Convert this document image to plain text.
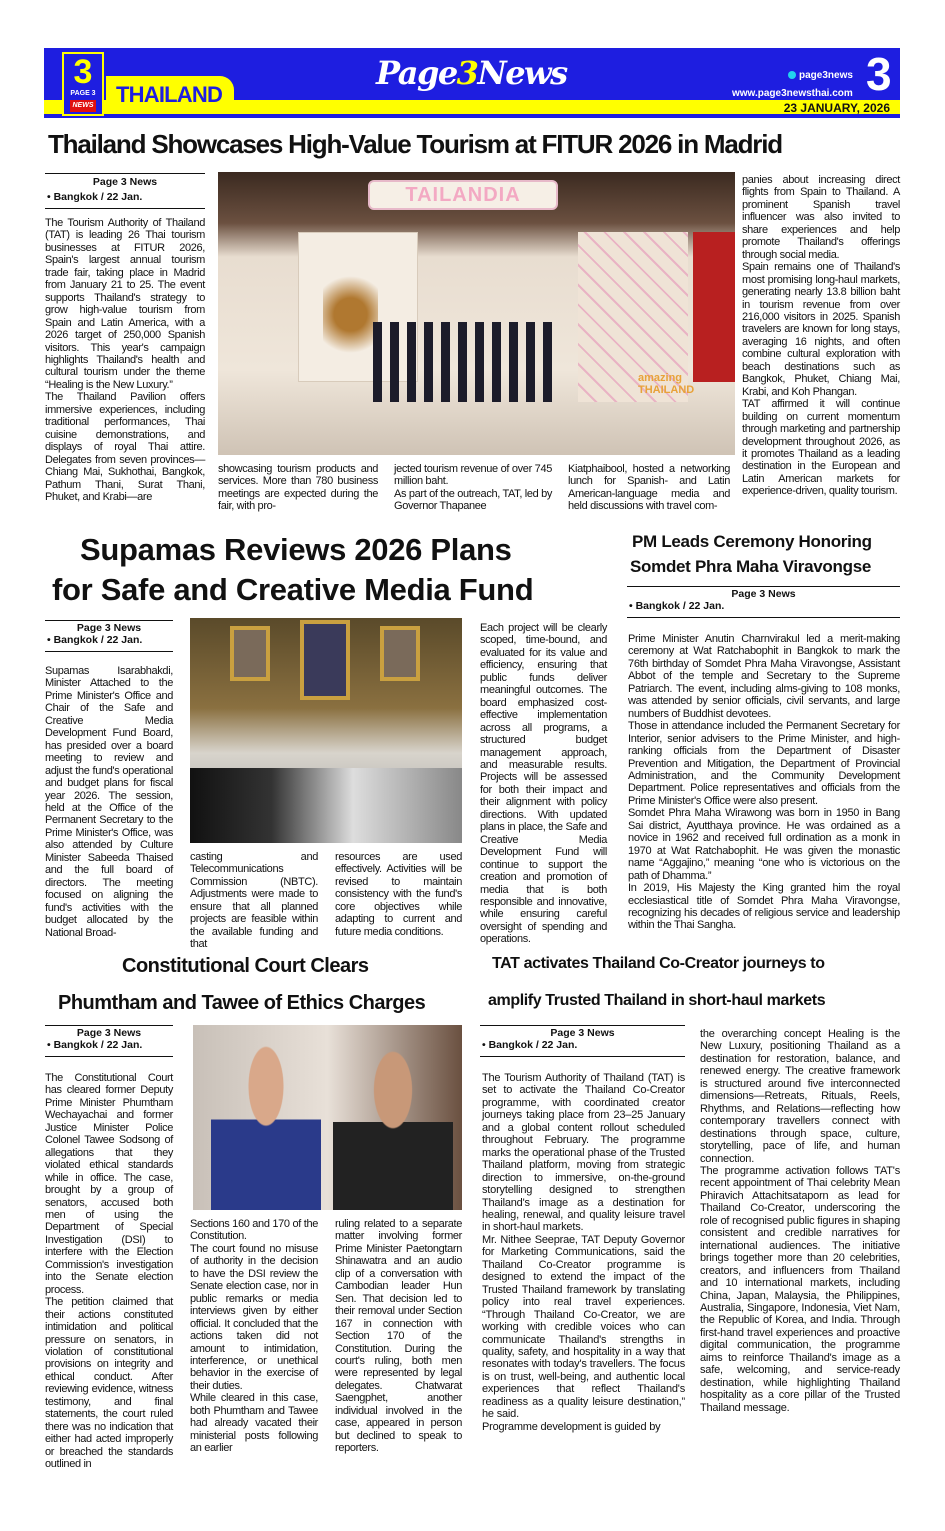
THAILAND
3
PAGE 3
NEWS
Page3News	page3news
www.page3newsthai.com 3
23 JANUARY, 2026
Thailand Showcases High-Value Tourism at FITUR 2026 in Madrid
Page 3 News
• Bangkok / 22 Jan.

The Tourism Authority of Thailand (TAT) is leading 26 Thai tourism businesses at FITUR 2026, Spain's largest annual tourism trade fair, taking place in Madrid from January 21 to 25. The event supports Thailand's strategy to grow high-value tourism from Spain and Latin America, with a 2026 target of 250,000 Spanish visitors. This year's campaign highlights Thailand's health and cultural tourism under the theme “Healing is the New Luxury.”

The Thailand Pavilion offers immersive experiences, including traditional performances, Thai cuisine demonstrations, and displays of royal Thai attire. Delegates from seven provinces—Chiang Mai, Sukhothai, Bangkok, Pathum Thani, Surat Thani, Phuket, and Krabi—are

TAILANDIA
amazing THAILAND

showcasing tourism products and services. More than 780 business meetings are expected during the fair, with pro-

jected tourism revenue of over 745 million baht.

As part of the outreach, TAT, led by Governor Thapanee

Kiatphaibool, hosted a networking lunch for Spanish- and Latin American-language media and held discussions with travel com-

panies about increasing direct flights from Spain to Thailand. A prominent Spanish travel influencer was also invited to share experiences and help promote Thailand's offerings through social media.

Spain remains one of Thailand's most promising long-haul markets, generating nearly 13.8 billion baht in tourism revenue from over 216,000 visitors in 2025. Spanish travelers are known for long stays, averaging 16 nights, and often combine cultural exploration with beach destinations such as Bangkok, Phuket, Chiang Mai, Krabi, and Koh Phangan.

TAT affirmed it will continue building on current momentum through marketing and partnership development throughout 2026, as it promotes Thailand as a leading destination in the European and Latin American markets for experience-driven, quality tourism.

Supamas Reviews 2026 Plans
for Safe and Creative Media Fund
Page 3 News
• Bangkok / 22 Jan.

Supamas Isarabhakdi, Minister Attached to the Prime Minister's Office and Chair of the Safe and Creative Media Development Fund Board, has presided over a board meeting to review and adjust the fund's operational and budget plans for fiscal year 2026. The session, held at the Office of the Permanent Secretary to the Prime Minister's Office, was also attended by Culture Minister Sabeeda Thaised and the full board of directors. The meeting focused on aligning the fund's activities with the budget allocated by the National Broad-

casting and Telecommunications Commission (NBTC). Adjustments were made to ensure that all planned projects are feasible within the available funding and that

resources are used effectively. Activities will be revised to maintain consistency with the fund's core objectives while adapting to current and future media conditions.

Each project will be clearly scoped, time-bound, and evaluated for its value and efficiency, ensuring that public funds deliver meaningful outcomes. The board emphasized cost-effective implementation across all programs, a structured budget management approach, and measurable results. Projects will be assessed for both their impact and their alignment with policy directions. With updated plans in place, the Safe and Creative Media Development Fund will continue to support the creation and promotion of media that is both responsible and innovative, while ensuring careful oversight of spending and operations.

PM Leads Ceremony Honoring
Somdet Phra Maha Viravongse
Page 3 News
• Bangkok / 22 Jan.

Prime Minister Anutin Charnvirakul led a merit-making ceremony at Wat Ratchabophit in Bangkok to mark the 76th birthday of Somdet Phra Maha Viravongse, Assistant Abbot of the temple and Secretary to the Supreme Patriarch. The event, including alms-giving to 108 monks, was attended by senior officials, civil servants, and large numbers of Buddhist devotees.

Those in attendance included the Permanent Secretary for Interior, senior advisers to the Prime Minister, and high-ranking officials from the Department of Disaster Prevention and Mitigation, the Department of Provincial Administration, and the Community Development Department. Police representatives and officials from the Prime Minister's Office were also present.

Somdet Phra Maha Wirawong was born in 1950 in Bang Sai district, Ayutthaya province. He was ordained as a novice in 1962 and received full ordination as a monk in 1970 at Wat Ratchabophit. He was given the monastic name “Aggajino,” meaning “one who is victorious on the path of Dhamma.”

In 2019, His Majesty the King granted him the royal ecclesiastical title of Somdet Phra Maha Viravongse, recognizing his decades of religious service and leadership within the Thai Sangha.

Constitutional Court Clears
Phumtham and Tawee of Ethics Charges
Page 3 News
• Bangkok / 22 Jan.

The Constitutional Court has cleared former Deputy Prime Minister Phumtham Wechayachai and former Justice Minister Police Colonel Tawee Sodsong of allegations that they violated ethical standards while in office. The case, brought by a group of senators, accused both men of using the Department of Special Investigation (DSI) to interfere with the Election Commission's investigation into the Senate election process.

The petition claimed that their actions constituted intimidation and political pressure on senators, in violation of constitutional provisions on integrity and ethical conduct. After reviewing evidence, witness testimony, and final statements, the court ruled there was no indication that either had acted improperly or breached the standards outlined in

Sections 160 and 170 of the Constitution.

The court found no misuse of authority in the decision to have the DSI review the Senate election case, nor in public remarks or media interviews given by either official. It concluded that the actions taken did not amount to intimidation, interference, or unethical behavior in the exercise of their duties.

While cleared in this case, both Phumtham and Tawee had already vacated their ministerial posts following an earlier

ruling related to a separate matter involving former Prime Minister Paetongtarn Shinawatra and an audio clip of a conversation with Cambodian leader Hun Sen. That decision led to their removal under Section 167 in connection with Section 170 of the Constitution. During the court's ruling, both men were represented by legal delegates. Chatwarat Saengphet, another individual involved in the case, appeared in person but declined to speak to reporters.

TAT activates Thailand Co-Creator journeys to
amplify Trusted Thailand in short-haul markets
Page 3 News
• Bangkok / 22 Jan.

The Tourism Authority of Thailand (TAT) is set to activate the Thailand Co-Creator programme, with coordinated creator journeys taking place from 23–25 January and a global content rollout scheduled throughout February. The programme marks the operational phase of the Trusted Thailand platform, moving from strategic direction to immersive, on-the-ground storytelling designed to strengthen Thailand's image as a destination for healing, renewal, and quality leisure travel in short-haul markets.

Mr. Nithee Seeprae, TAT Deputy Governor for Marketing Communications, said the Thailand Co-Creator programme is designed to extend the impact of the Trusted Thailand framework by translating policy into real travel experiences. “Through Thailand Co-Creator, we are working with credible voices who can communicate Thailand's strengths in quality, safety, and hospitality in a way that resonates with today's travellers. The focus is on trust, well-being, and authentic local experiences that reflect Thailand's readiness as a quality leisure destination,” he said.

Programme development is guided by

the overarching concept Healing is the New Luxury, positioning Thailand as a destination for restoration, balance, and renewed energy. The creative framework is structured around five interconnected dimensions—Retreats, Rituals, Reels, Rhythms, and Relations—reflecting how contemporary travellers connect with destinations through space, culture, storytelling, pace of life, and human connection.

The programme activation follows TAT's recent appointment of Thai celebrity Mean Phiravich Attachitsataporn as lead for Thailand Co-Creator, underscoring the role of recognised public figures in shaping consistent and credible narratives for international audiences. The initiative brings together more than 20 celebrities, creators, and influencers from Thailand and 10 international markets, including China, Japan, Malaysia, the Philippines, Australia, Singapore, Indonesia, Viet Nam, the Republic of Korea, and India. Through first-hand travel experiences and proactive digital communication, the programme aims to reinforce Thailand's image as a safe, welcoming, and service-ready destination, while highlighting Thailand hospitality as a core pillar of the Trusted Thailand message.
